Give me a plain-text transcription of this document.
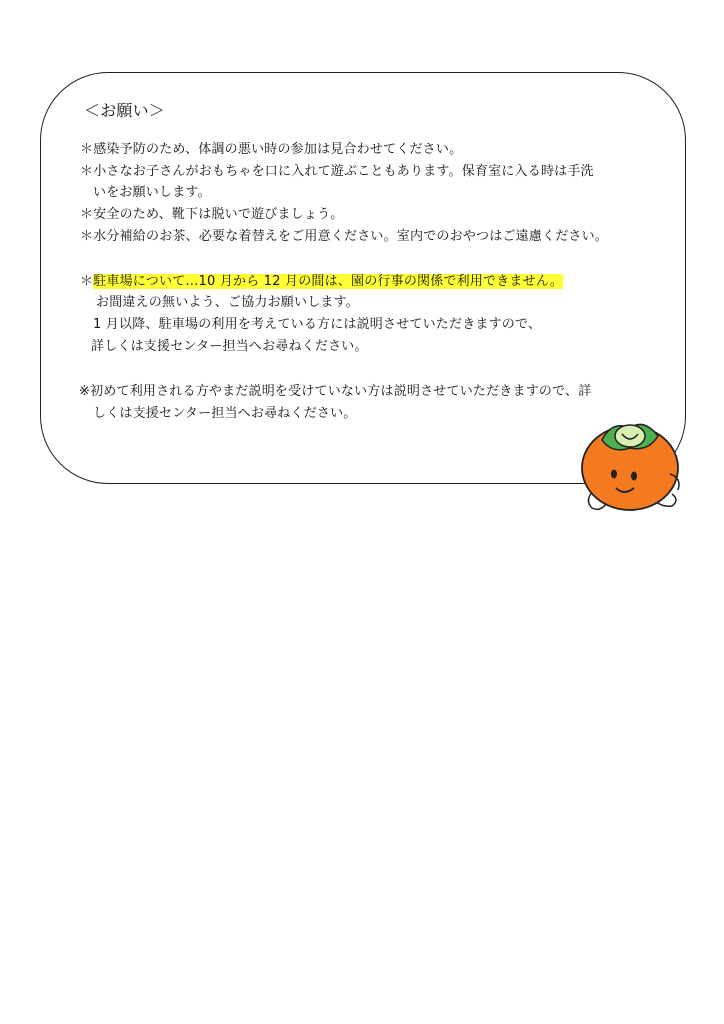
＜お願い＞
＊感染予防のため、体調の悪い時の参加は見合わせてください。
＊小さなお子さんがおもちゃを口に入れて遊ぶこともあります。保育室に入る時は手洗
いをお願いします。
＊安全のため、靴下は脱いで遊びましょう。
＊水分補給のお茶、必要な着替えをご用意ください。室内でのおやつはご遠慮ください。
＊駐車場について…10 月から 12 月の間は、園の行事の関係で利用できません。
お間違えの無いよう、ご協力お願いします。
1 月以降、駐車場の利用を考えている方には説明させていただきますので、
詳しくは支援センター担当へお尋ねください。
※初めて利用される方やまだ説明を受けていない方は説明させていただきますので、詳
しくは支援センター担当へお尋ねください。
